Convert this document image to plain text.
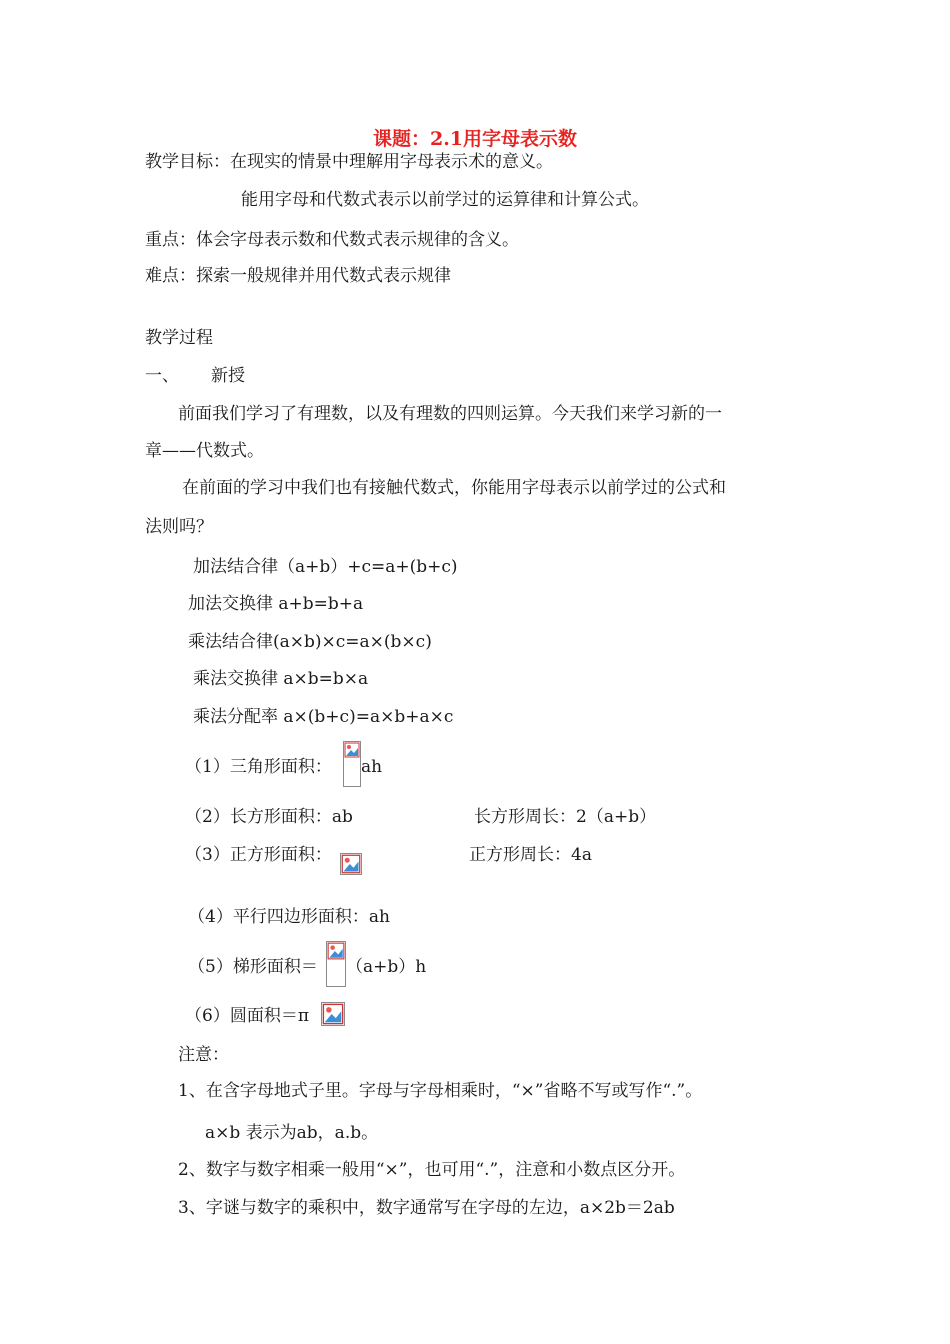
课题：2.1用字母表示数
教学目标：在现实的情景中理解用字母表示术的意义。
能用字母和代数式表示以前学过的运算律和计算公式。
重点：体会字母表示数和代数式表示规律的含义。
难点：探索一般规律并用代数式表示规律
教学过程
一、 新授
前面我们学习了有理数，以及有理数的四则运算。今天我们来学习新的一
章——代数式。
在前面的学习中我们也有接触代数式，你能用字母表示以前学过的公式和
法则吗？
加法结合律（a+b）+c=a+(b+c)
加法交换律 a+b=b+a
乘法结合律(a×b)×c=a×(b×c)
乘法交换律 a×b=b×a
乘法分配率 a×(b+c)=a×b+a×c
（1）三角形面积： ah
（2）长方形面积：ab	长方形周长：2（a+b）
（3）正方形面积：	正方形周长：4a
（4）平行四边形面积：ah
（5）梯形面积＝ （a+b）h
（6）圆面积＝π
注意：
1、在含字母地式子里。字母与字母相乘时，“×”省略不写或写作“.”。
a×b 表示为ab，a.b。
2、数字与数字相乘一般用“×”，也可用“.”，注意和小数点区分开。
3、字谜与数字的乘积中，数字通常写在字母的左边，a×2b＝2ab
